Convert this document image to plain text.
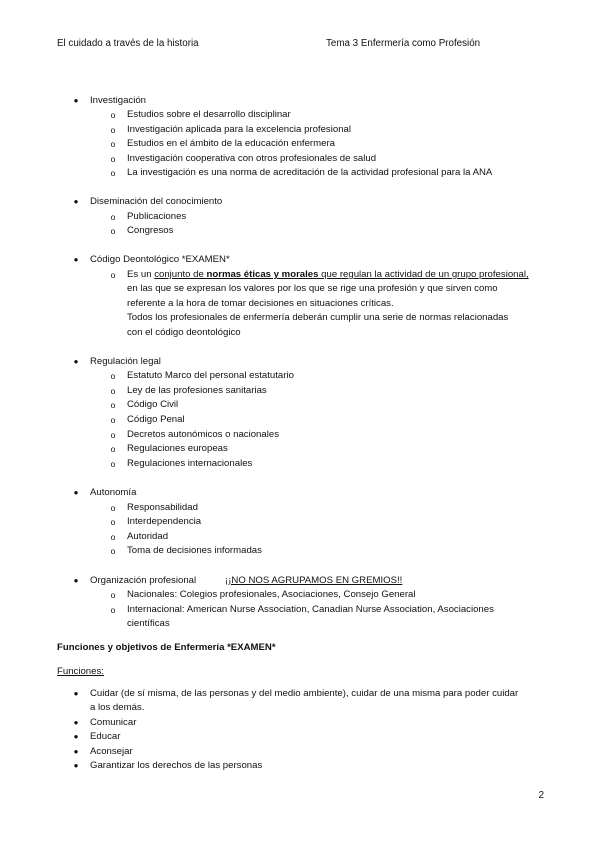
El cuidado a través de la historia	Tema 3 Enfermería como Profesión
● Investigación
o Estudios sobre el desarrollo disciplinar
o Investigación aplicada para la excelencia profesional
o Estudios en el ámbito de la educación enfermera
o Investigación cooperativa con otros profesionales de salud
o La investigación es una norma de acreditación de la actividad profesional para la ANA
● Diseminación del conocimiento
o Publicaciones
o Congresos
● Código Deontológico *EXAMEN*
o Es un conjunto de normas éticas y morales que regulan la actividad de un grupo profesional,
en las que se expresan los valores por los que se rige una profesión y que sirven como
referente a la hora de tomar decisiones en situaciones críticas.
Todos los profesionales de enfermería deberán cumplir una serie de normas relacionadas
con el código deontológico
● Regulación legal
o Estatuto Marco del personal estatutario
o Ley de las profesiones sanitarias
o Código Civil
o Código Penal
o Decretos autonómicos o nacionales
o Regulaciones europeas
o Regulaciones internacionales
● Autonomía
o Responsabilidad
o Interdependencia
o Autoridad
o Toma de decisiones informadas
● Organización profesional	¡¡NO NOS AGRUPAMOS EN GREMIOS!!
o Nacionales: Colegios profesionales, Asociaciones, Consejo General
o Internacional: American Nurse Association, Canadian Nurse Association, Asociaciones
científicas
Funciones y objetivos de Enfermería *EXAMEN*
Funciones:
● Cuidar (de sí misma, de las personas y del medio ambiente), cuidar de una misma para poder cuidar
a los demás.
● Comunicar
● Educar
● Aconsejar
● Garantizar los derechos de las personas
2
